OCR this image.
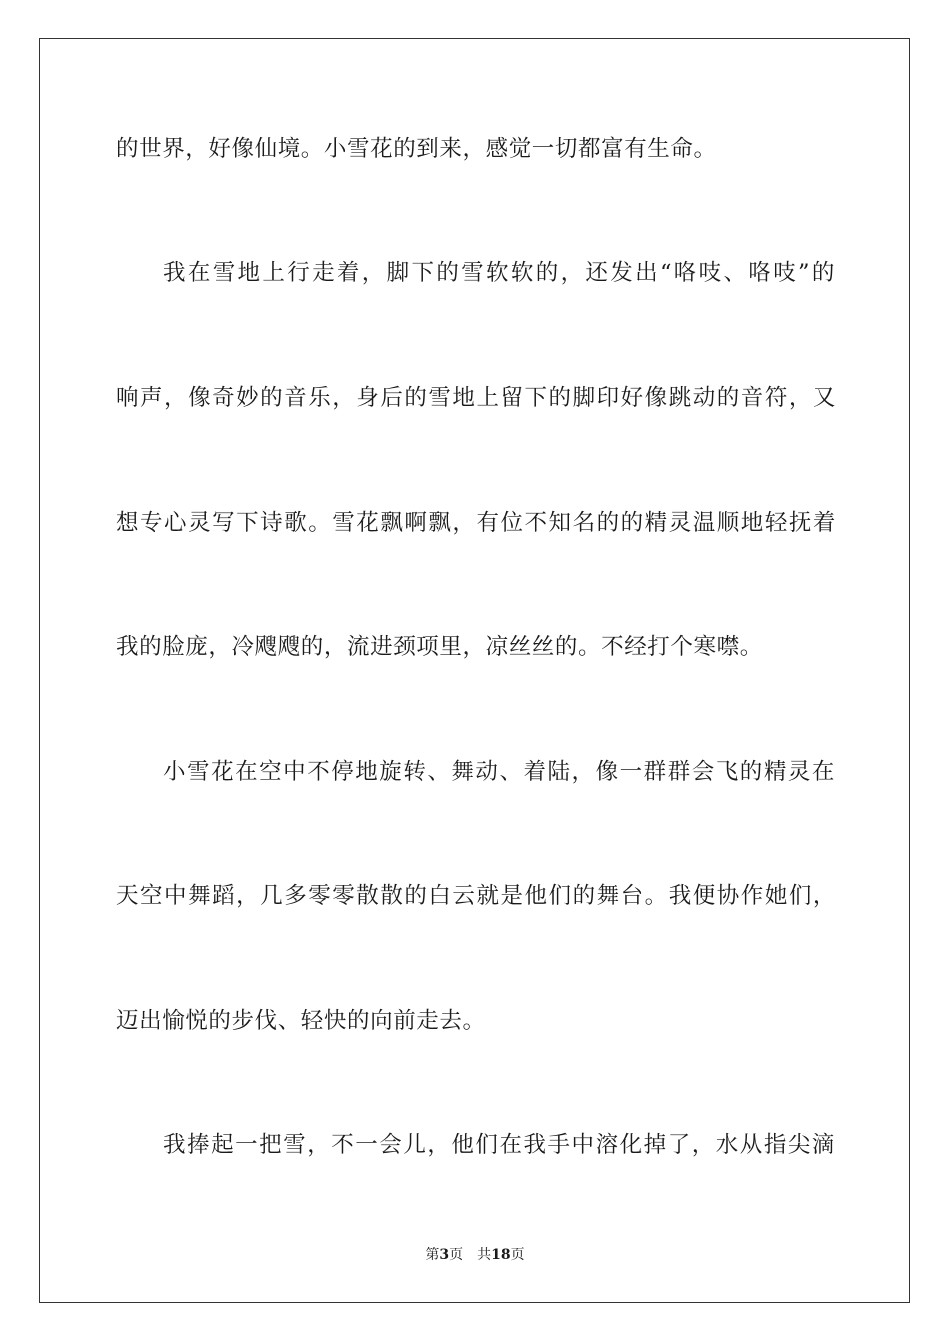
的世界，好像仙境。小雪花的到来，感觉一切都富有生命。

我在雪地上行走着，脚下的雪软软的，还发出“咯吱、咯吱”的

响声，像奇妙的音乐，身后的雪地上留下的脚印好像跳动的音符，又

想专心灵写下诗歌。雪花飘啊飘，有位不知名的的精灵温顺地轻抚着

我的脸庞，冷飕飕的，流进颈项里，凉丝丝的。不经打个寒噤。

小雪花在空中不停地旋转、舞动、着陆，像一群群会飞的精灵在

天空中舞蹈，几多零零散散的白云就是他们的舞台。我便协作她们，

迈出愉悦的步伐、轻快的向前走去。

我捧起一把雪，不一会儿，他们在我手中溶化掉了，水从指尖滴

第3页 共18页
